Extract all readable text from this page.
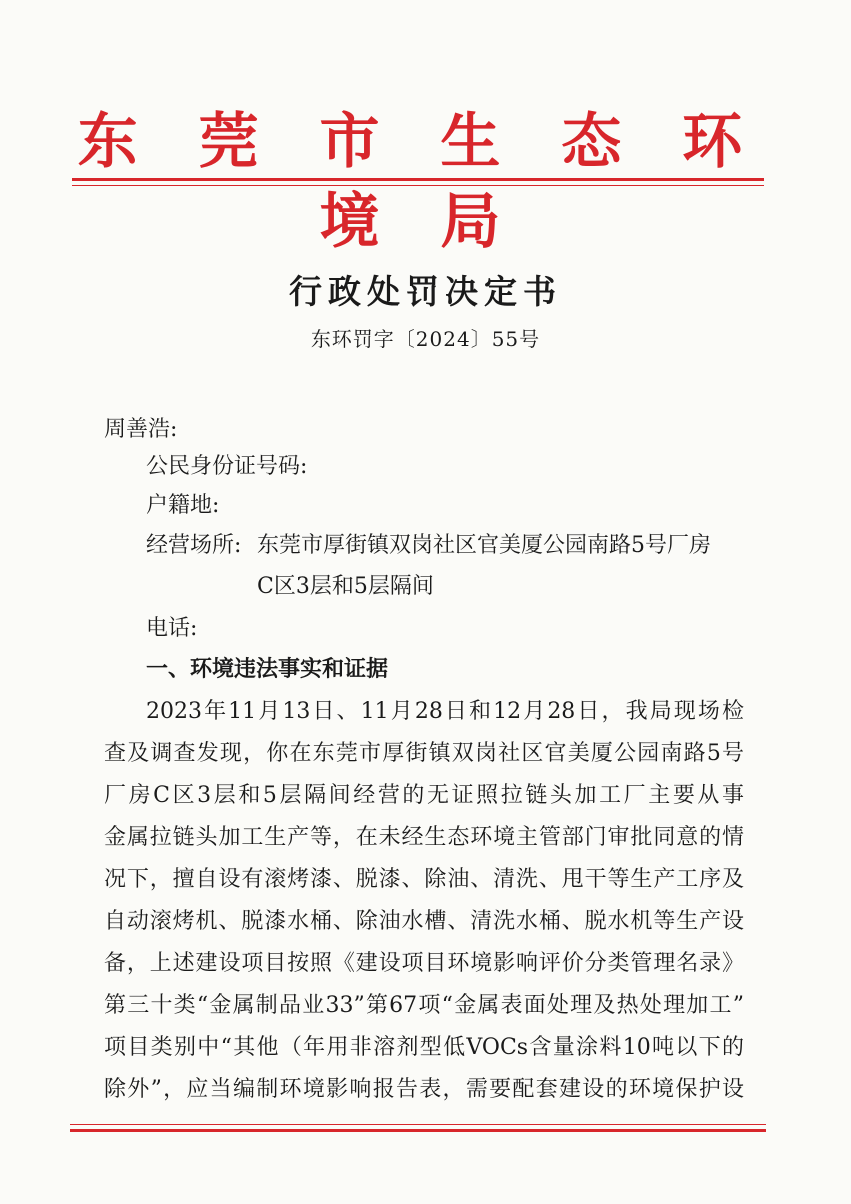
东 莞 市 生 态 环 境 局
行政处罚决定书
东环罚字〔2024〕55号
周善浩:
公民身份证号码:
户籍地:
经营场所: 东莞市厚街镇双岗社区官美厦公园南路5号厂房
C区3层和5层隔间
电话:
一、环境违法事实和证据
2023年11月13日、11月28日和12月28日，我局现场检
查及调查发现，你在东莞市厚街镇双岗社区官美厦公园南路5号
厂房C区3层和5层隔间经营的无证照拉链头加工厂主要从事
金属拉链头加工生产等，在未经生态环境主管部门审批同意的情
况下，擅自设有滚烤漆、脱漆、除油、清洗、甩干等生产工序及
自动滚烤机、脱漆水桶、除油水槽、清洗水桶、脱水机等生产设
备，上述建设项目按照《建设项目环境影响评价分类管理名录》
第三十类“金属制品业33”第67项“金属表面处理及热处理加工”
项目类别中“其他（年用非溶剂型低VOCs含量涂料10吨以下的
除外”，应当编制环境影响报告表，需要配套建设的环境保护设
